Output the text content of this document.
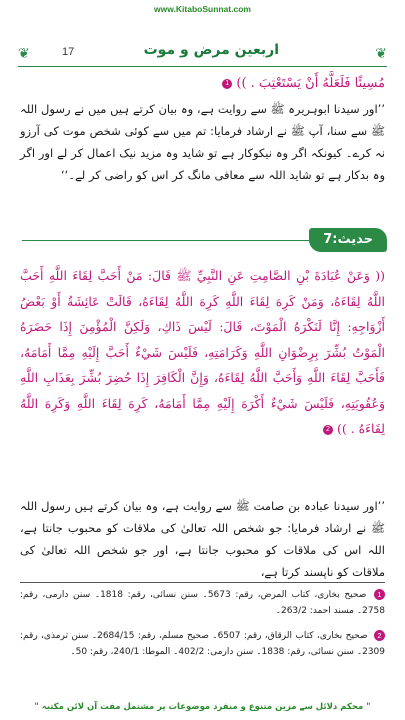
www.KitaboSunnat.com
❦	17	اربعین مرض و موت	❦
مُسِيئًا فَلَعَلَّهُ أَنْ يَسْتَعْتِبَ . )) 1
’’اور سیدنا ابوہریرہ ﷺ سے روایت ہے، وہ بیان کرتے ہیں میں نے رسول اللہ ﷺ سے سنا، آپ ﷺ نے ارشاد فرمایا: تم میں سے کوئی شخص موت کی آرزو نہ کرے۔ کیونکہ اگر وہ نیکوکار ہے تو شاید وہ مزید نیک اعمال کر لے اور اگر وہ بدکار ہے تو شاید اللہ سے معافی مانگ کر اس کو راضی کر لے۔‘‘
حدیث:7
(( وَعَنْ عُبَادَةَ بْنِ الصَّامِتِ عَنِ النَّبِيِّ ﷺ قَالَ: مَنْ أَحَبَّ لِقَاءَ اللَّهِ أَحَبَّ اللَّهُ لِقَاءَهُ، وَمَنْ كَرِهَ لِقَاءَ اللَّهِ كَرِهَ اللَّهُ لِقَاءَهُ، قَالَتْ عَائِشَةُ أَوْ بَعْضُ أَزْوَاجِهِ: إِنَّا لَنَكْرَهُ الْمَوْتَ، قَالَ: لَيْسَ ذَاكِ، وَلَكِنَّ الْمُؤْمِنَ إِذَا حَضَرَهُ الْمَوْتُ بُشِّرَ بِرِضْوَانِ اللَّهِ وَكَرَامَتِهِ، فَلَيْسَ شَيْءٌ أَحَبَّ إِلَيْهِ مِمَّا أَمَامَهُ، فَأَحَبَّ لِقَاءَ اللَّهِ وَأَحَبَّ اللَّهُ لِقَاءَهُ، وَإِنَّ الْكَافِرَ إِذَا حُضِرَ بُشِّرَ بِعَذَابِ اللَّهِ وَعُقُوبَتِهِ، فَلَيْسَ شَيْءٌ أَكْرَهَ إِلَيْهِ مِمَّا أَمَامَهُ، كَرِهَ لِقَاءَ اللَّهِ وَكَرِهَ اللَّهُ لِقَاءَهُ . )) 2
’’اور سیدنا عبادہ بن صامت ﷺ سے روایت ہے، وہ بیان کرتے ہیں رسول اللہ ﷺ نے ارشاد فرمایا: جو شخص اللہ تعالیٰ کی ملاقات کو محبوب جانتا ہے، اللہ اس کی ملاقات کو محبوب جانتا ہے، اور جو شخص اللہ تعالیٰ کی ملاقات کو ناپسند کرتا ہے،
1 صحیح بخاری، کتاب المرض، رقم: 5673۔ سنن نسائی، رقم: 1818۔ سنن دارمی، رقم: 2758۔ مسند احمد: 263/2۔
2 صحیح بخاری، کتاب الرقاق، رقم: 6507۔ صحیح مسلم، رقم: 2684/15۔ سنن ترمذی، رقم: 2309۔ سنن نسائی، رقم: 1838۔ سنن دارمی: 402/2۔ الموطا: 240/1، رقم: 50۔
" محکم دلائل سے مزین متنوع و منفرد موضوعات پر مشتمل مفت آن لائن مکتبہ "
